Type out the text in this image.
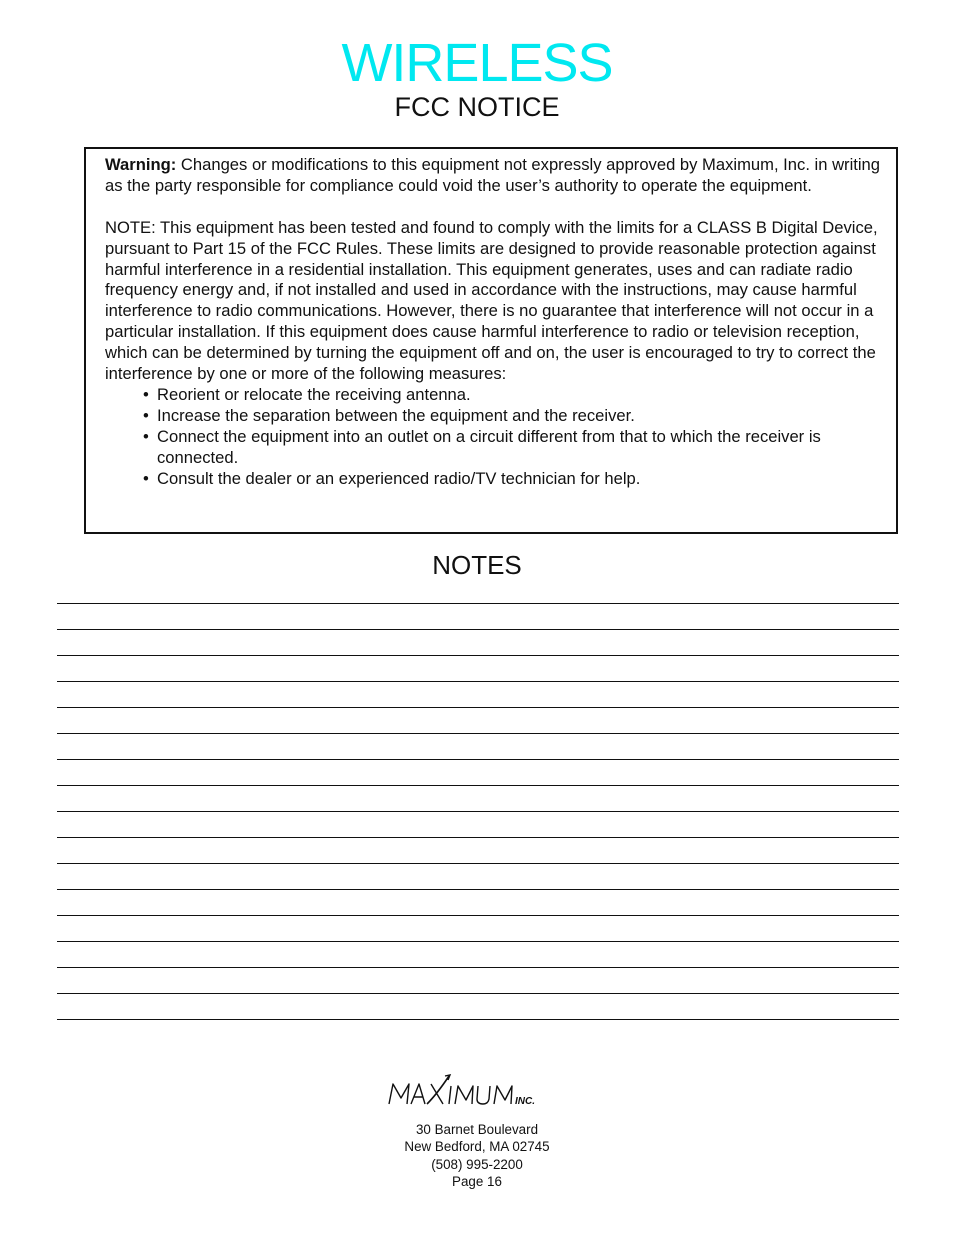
WIRELESS
FCC NOTICE

Warning: Changes or modifications to this equipment not expressly approved by Maximum, Inc. in writing as the party responsible for compliance could void the user’s authority to operate the equipment.

NOTE: This equipment has been tested and found to comply with the limits for a CLASS B Digital Device, pursuant to Part 15 of the FCC Rules. These limits are designed to provide reasonable protection against harmful interference in a residential installation. This equipment generates, uses and can radiate radio frequency energy and, if not installed and used in accordance with the instructions, may cause harmful interference to radio communications. However, there is no guarantee that interference will not occur in a particular installation. If this equipment does cause harmful interference to radio or television reception, which can be determined by turning the equipment off and on, the user is encouraged to try to correct the interference by one or more of the following measures:

• Reorient or relocate the receiving antenna.
• Increase the separation between the equipment and the receiver.
• Connect the equipment into an outlet on a circuit different from that to which the receiver is connected.
• Consult the dealer or an experienced radio/TV technician for help.
NOTES
INC.
30 Barnet Boulevard
New Bedford, MA 02745
(508) 995-2200
Page 16
